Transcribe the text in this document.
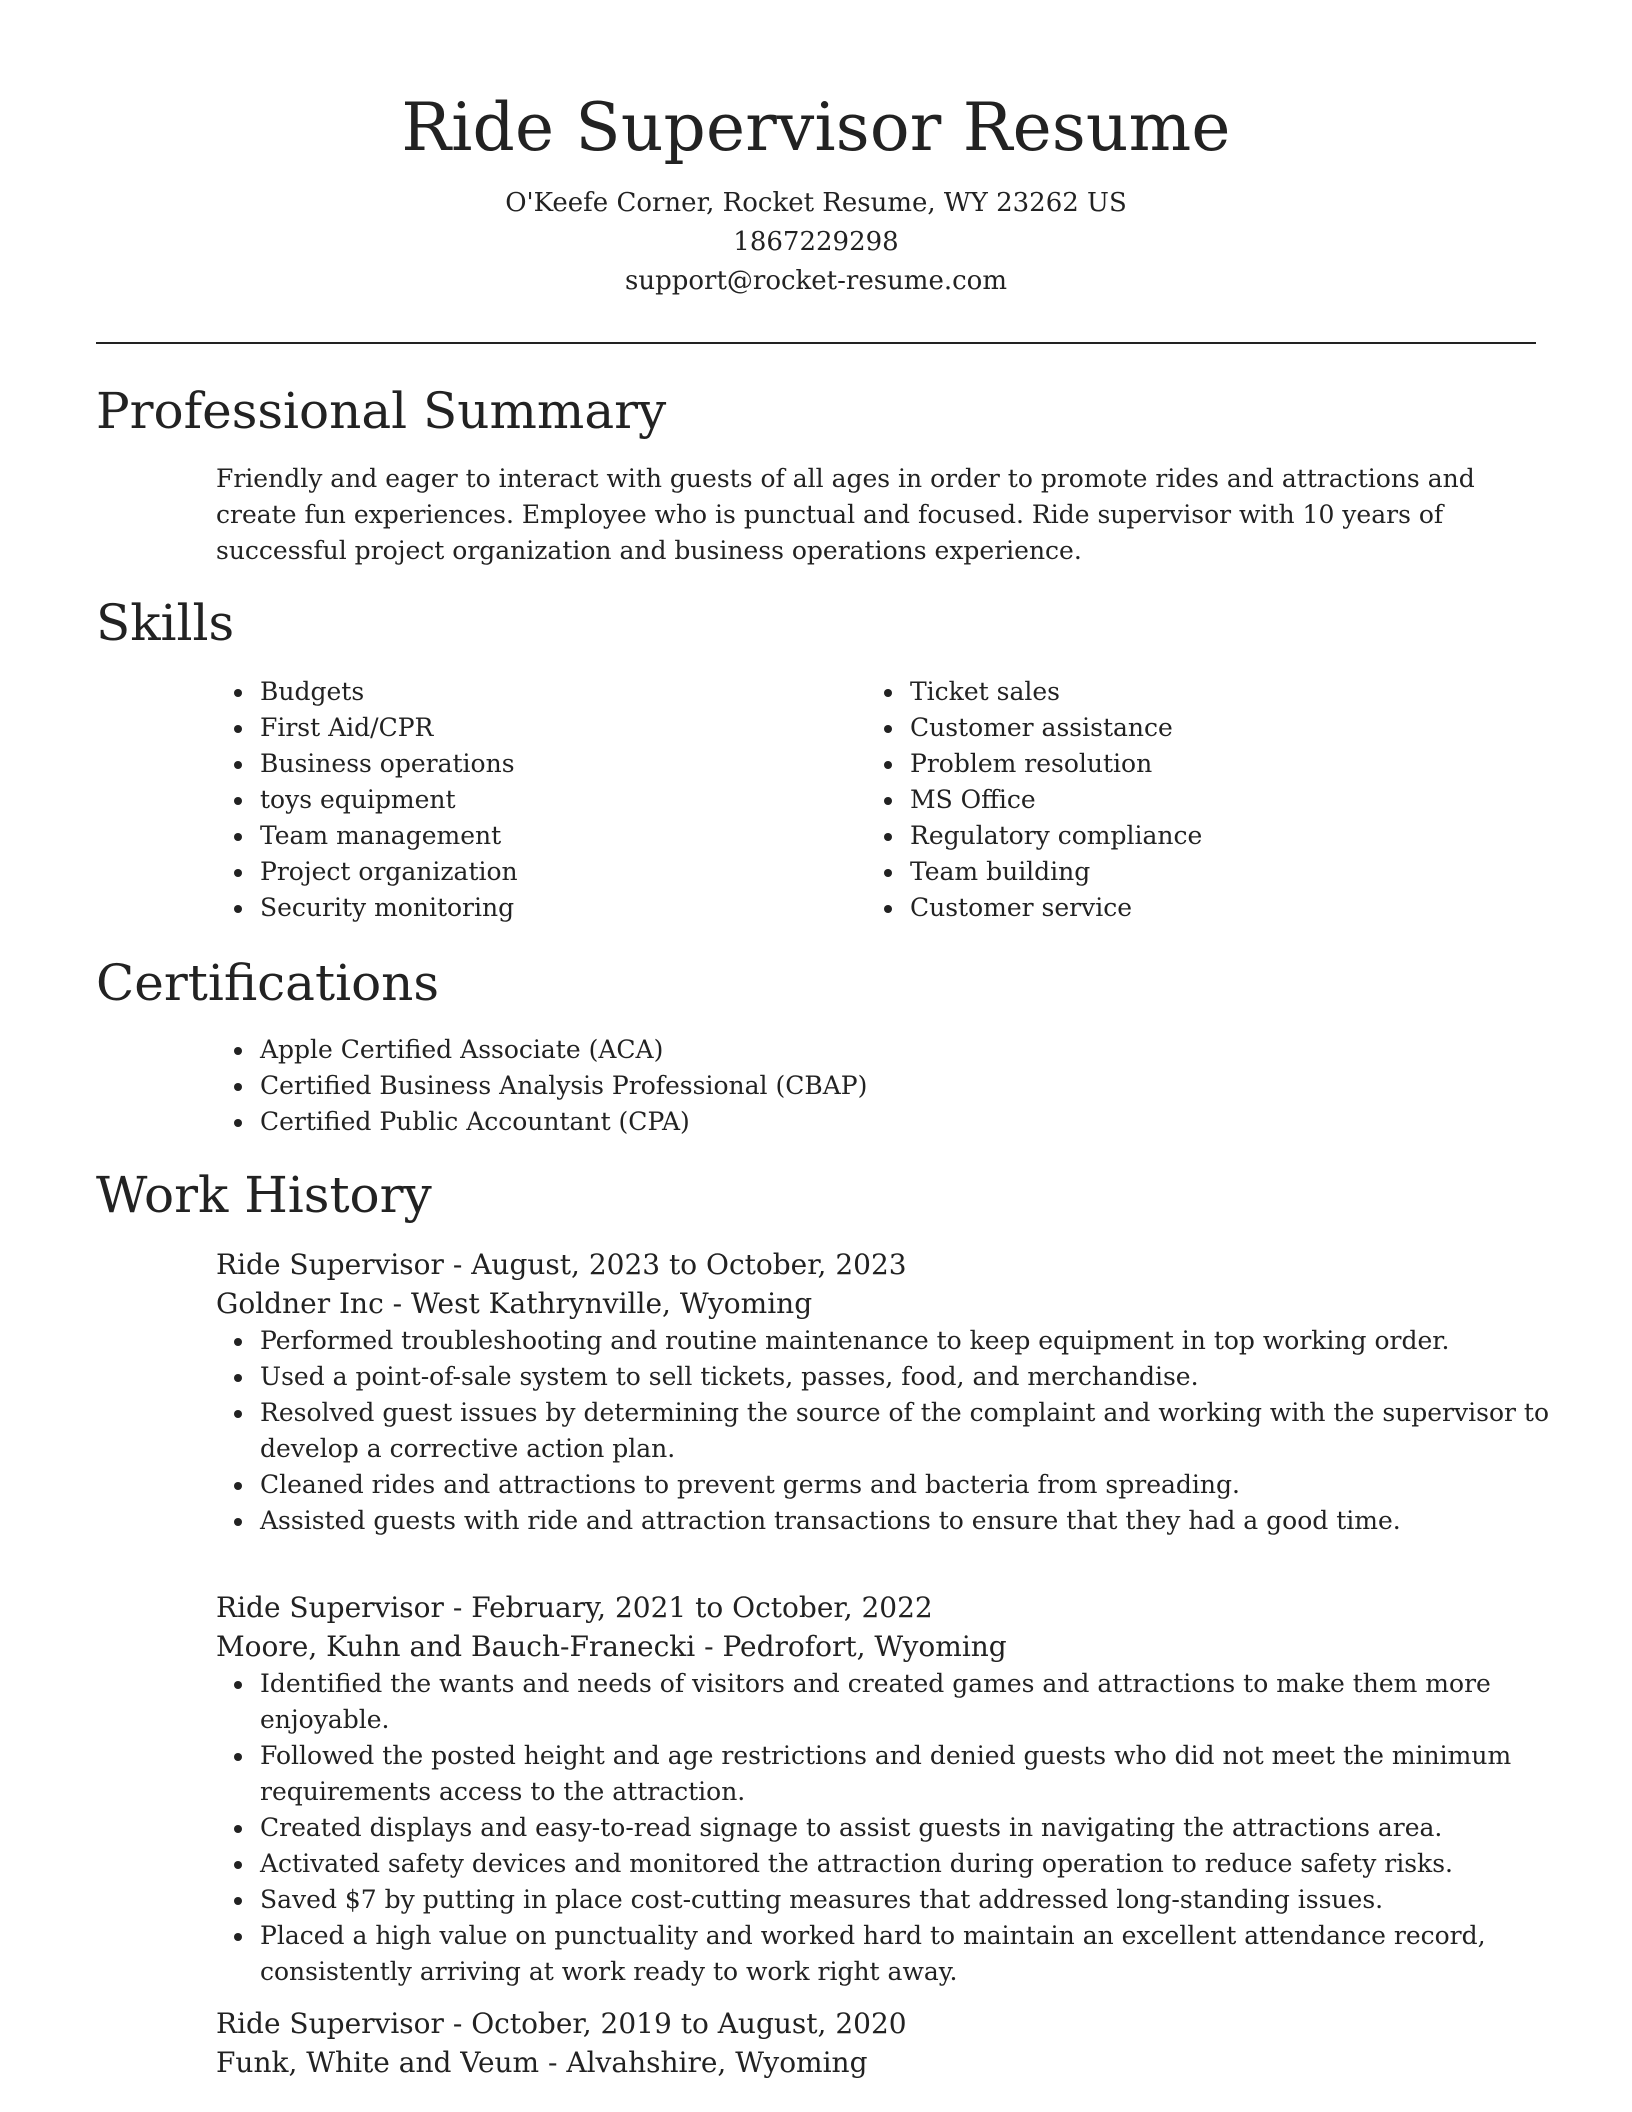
Ride Supervisor Resume
O'Keefe Corner, Rocket Resume, WY 23262 US
1867229298
support@rocket-resume.com
Professional Summary
Friendly and eager to interact with guests of all ages in order to promote rides and attractions and create fun experiences. Employee who is punctual and focused. Ride supervisor with 10 years of successful project organization and business operations experience.
Skills
Budgets
First Aid/CPR
Business operations
toys equipment
Team management
Project organization
Security monitoring
Ticket sales
Customer assistance
Problem resolution
MS Office
Regulatory compliance
Team building
Customer service
Certifications
Apple Certified Associate (ACA)
Certified Business Analysis Professional (CBAP)
Certified Public Accountant (CPA)
Work History
Ride Supervisor - August, 2023 to October, 2023
Goldner Inc - West Kathrynville, Wyoming
Performed troubleshooting and routine maintenance to keep equipment in top working order.
Used a point-of-sale system to sell tickets, passes, food, and merchandise.
Resolved guest issues by determining the source of the complaint and working with the supervisor to develop a corrective action plan.
Cleaned rides and attractions to prevent germs and bacteria from spreading.
Assisted guests with ride and attraction transactions to ensure that they had a good time.
Ride Supervisor - February, 2021 to October, 2022
Moore, Kuhn and Bauch-Franecki - Pedrofort, Wyoming
Identified the wants and needs of visitors and created games and attractions to make them more enjoyable.
Followed the posted height and age restrictions and denied guests who did not meet the minimum requirements access to the attraction.
Created displays and easy-to-read signage to assist guests in navigating the attractions area.
Activated safety devices and monitored the attraction during operation to reduce safety risks.
Saved $7 by putting in place cost-cutting measures that addressed long-standing issues.
Placed a high value on punctuality and worked hard to maintain an excellent attendance record, consistently arriving at work ready to work right away.
Ride Supervisor - October, 2019 to August, 2020
Funk, White and Veum - Alvahshire, Wyoming
